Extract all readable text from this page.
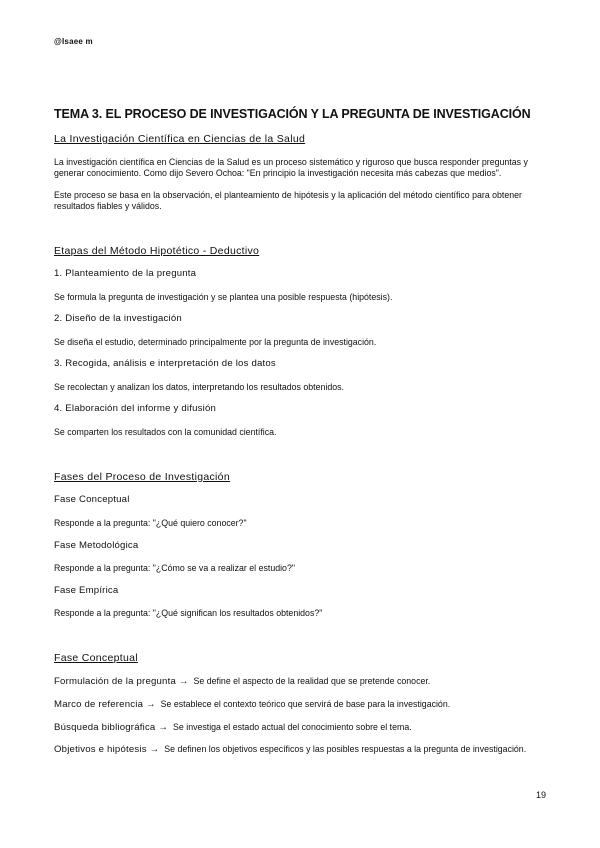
@Isaee m
TEMA 3. EL PROCESO DE INVESTIGACIÓN Y LA PREGUNTA DE INVESTIGACIÓN
La Investigación Científica en Ciencias de la Salud
La investigación científica en Ciencias de la Salud es un proceso sistemático y riguroso que busca responder preguntas y generar conocimiento. Como dijo Severo Ochoa: "En principio la investigación necesita más cabezas que medios".
Este proceso se basa en la observación, el planteamiento de hipótesis y la aplicación del método científico para obtener resultados fiables y válidos.
Etapas del Método Hipotético - Deductivo
1. Planteamiento de la pregunta
Se formula la pregunta de investigación y se plantea una posible respuesta (hipótesis).
2. Diseño de la investigación
Se diseña el estudio, determinado principalmente por la pregunta de investigación.
3. Recogida, análisis e interpretación de los datos
Se recolectan y analizan los datos, interpretando los resultados obtenidos.
4. Elaboración del informe y difusión
Se comparten los resultados con la comunidad científica.
Fases del Proceso de Investigación
Fase Conceptual
Responde a la pregunta: "¿Qué quiero conocer?"
Fase Metodológica
Responde a la pregunta: "¿Cómo se va a realizar el estudio?"
Fase Empírica
Responde a la pregunta: "¿Qué significan los resultados obtenidos?"
Fase Conceptual
Formulación de la pregunta → Se define el aspecto de la realidad que se pretende conocer.
Marco de referencia → Se establece el contexto teórico que servirá de base para la investigación.
Búsqueda bibliográfica → Se investiga el estado actual del conocimiento sobre el tema.
Objetivos e hipótesis → Se definen los objetivos específicos y las posibles respuestas a la pregunta de investigación.
19
